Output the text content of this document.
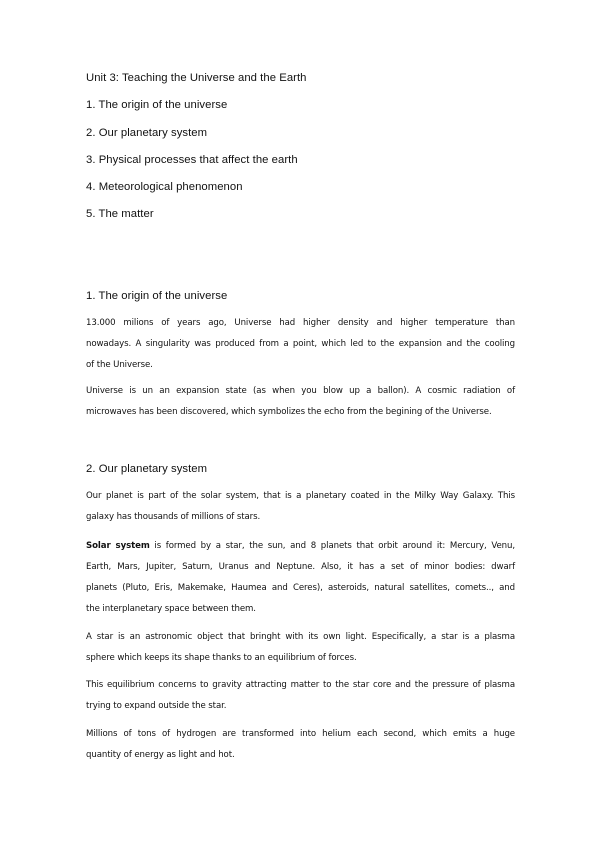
Unit 3: Teaching the Universe and the Earth
1. The origin of the universe
2. Our planetary system
3. Physical processes that affect the earth
4. Meteorological phenomenon
5. The matter
1. The origin of the universe
13.000 milions of years ago, Universe had higher density and higher temperature than
nowadays. A singularity was produced from a point, which led to the expansion and the cooling
of the Universe.
Universe is un an expansion state (as when you blow up a ballon). A cosmic radiation of
microwaves has been discovered, which symbolizes the echo from the begining of the Universe.
2. Our planetary system
Our planet is part of the solar system, that is a planetary coated in the Milky Way Galaxy. This
galaxy has thousands of millions of stars.
Solar system is formed by a star, the sun, and 8 planets that orbit around it: Mercury, Venu,
Earth, Mars, Jupiter, Saturn, Uranus and Neptune. Also, it has a set of minor bodies: dwarf
planets (Pluto, Eris, Makemake, Haumea and Ceres), asteroids, natural satellites, comets.., and
the interplanetary space between them.
A star is an astronomic object that bringht with its own light. Especifically, a star is a plasma
sphere which keeps its shape thanks to an equilibrium of forces.
This equilibrium concerns to gravity attracting matter to the star core and the pressure of plasma
trying to expand outside the star.
Millions of tons of hydrogen are transformed into helium each second, which emits a huge
quantity of energy as light and hot.
